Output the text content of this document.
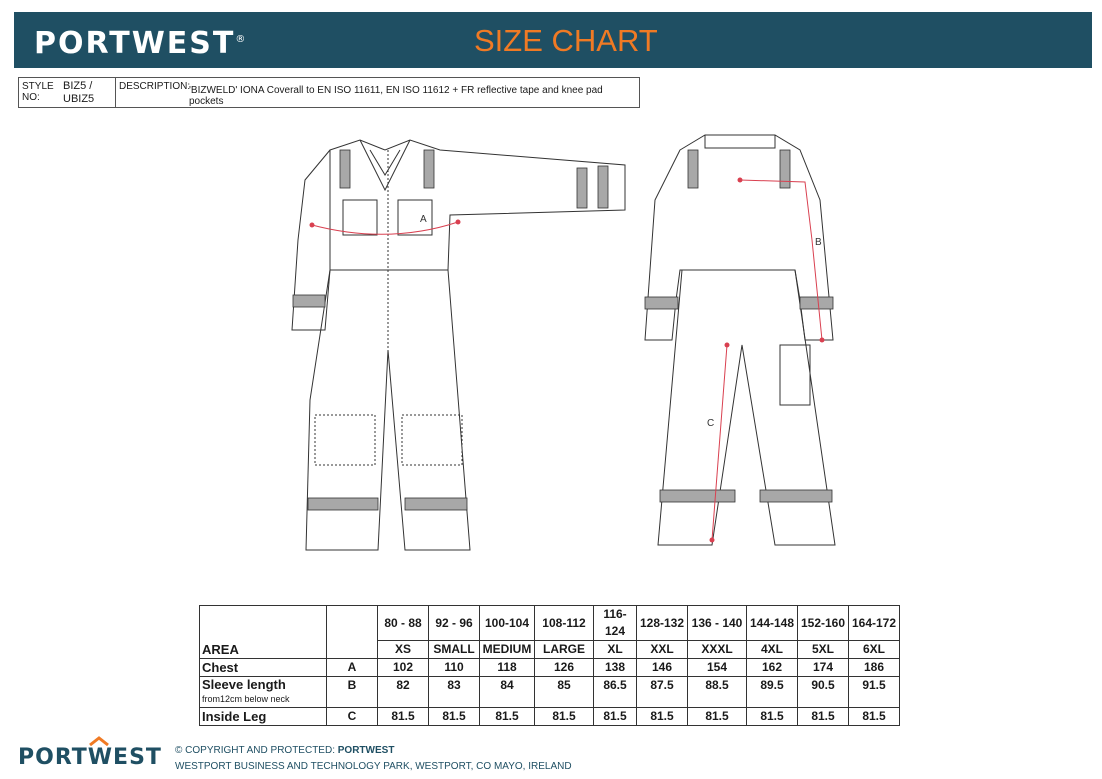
PORTWEST®	SIZE CHART
STYLE NO:
BIZ5 / UBIZ5
DESCRIPTION:
'BIZWELD' IONA Coverall to EN ISO 11611, EN ISO 11612 + FR reflective tape and knee pad pockets
A
B
C
AREA		80 - 88	92 - 96	100-104	108-112	116-124	128-132	136 - 140	144-148	152-160	164-172
		XS	SMALL	MEDIUM	LARGE	XL	XXL	XXXL	4XL	5XL	6XL
Chest	A	102	110	118	126	138	146	154	162	174	186

Sleeve length
from12cm below neck	B	82	83	84	85	86.5	87.5	88.5	89.5	90.5	91.5
Inside Leg	C	81.5	81.5	81.5	81.5	81.5	81.5	81.5	81.5	81.5	81.5
PORTWEST © COPYRIGHT AND PROTECTED: PORTWEST
WESTPORT BUSINESS AND TECHNOLOGY PARK, WESTPORT, CO MAYO, IRELAND
